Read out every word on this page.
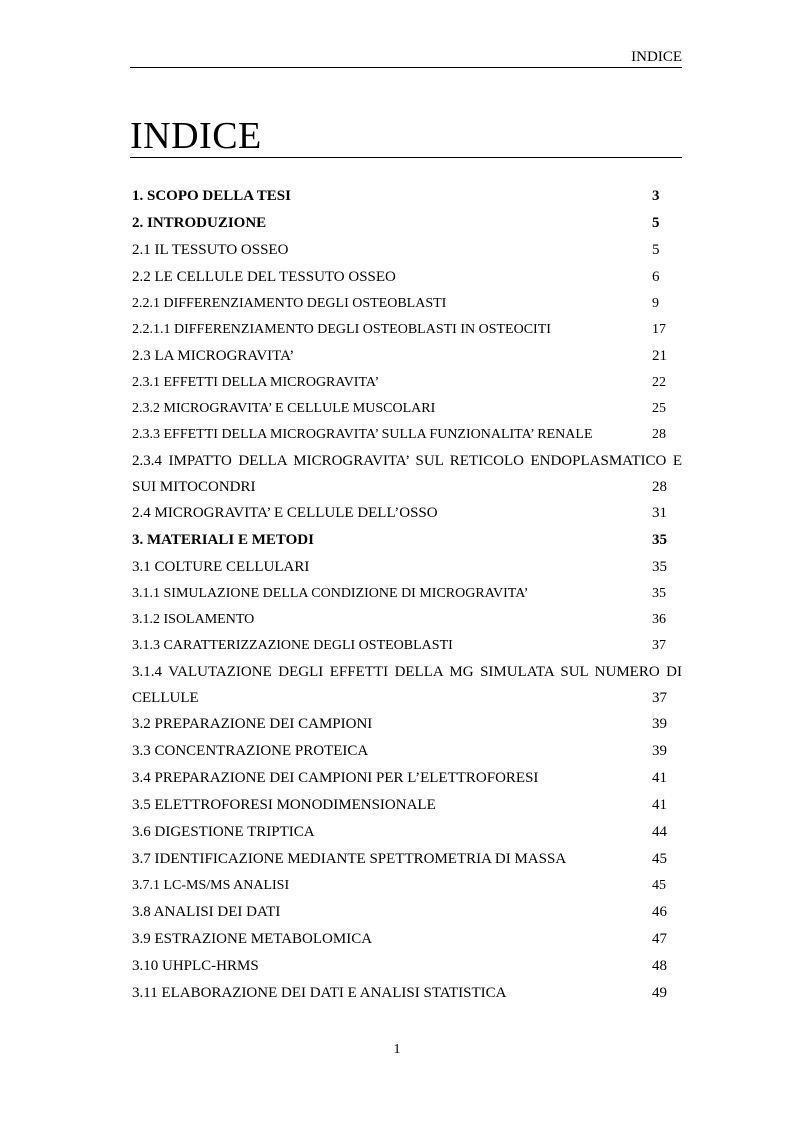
INDICE
INDICE
1. SCOPO DELLA TESI	3
2. INTRODUZIONE	5
2.1 IL TESSUTO OSSEO	5
2.2 LE CELLULE DEL TESSUTO OSSEO	6
2.2.1 DIFFERENZIAMENTO DEGLI OSTEOBLASTI	9
2.2.1.1 DIFFERENZIAMENTO DEGLI OSTEOBLASTI IN OSTEOCITI	17
2.3 LA MICROGRAVITA’	21
2.3.1 EFFETTI DELLA MICROGRAVITA’	22
2.3.2 MICROGRAVITA’ E CELLULE MUSCOLARI	25
2.3.3 EFFETTI DELLA MICROGRAVITA’ SULLA FUNZIONALITA’ RENALE	28
2.3.4 IMPATTO DELLA MICROGRAVITA’ SUL RETICOLO ENDOPLASMATICO E
SUI MITOCONDRI	28
2.4 MICROGRAVITA’ E CELLULE DELL’OSSO	31
3. MATERIALI E METODI	35
3.1 COLTURE CELLULARI	35
3.1.1 SIMULAZIONE DELLA CONDIZIONE DI MICROGRAVITA’	35
3.1.2 ISOLAMENTO	36
3.1.3 CARATTERIZZAZIONE DEGLI OSTEOBLASTI	37
3.1.4 VALUTAZIONE DEGLI EFFETTI DELLA MG SIMULATA SUL NUMERO DI
CELLULE	37
3.2 PREPARAZIONE DEI CAMPIONI	39
3.3 CONCENTRAZIONE PROTEICA	39
3.4 PREPARAZIONE DEI CAMPIONI PER L’ELETTROFORESI	41
3.5 ELETTROFORESI MONODIMENSIONALE	41
3.6 DIGESTIONE TRIPTICA	44
3.7 IDENTIFICAZIONE MEDIANTE SPETTROMETRIA DI MASSA	45
3.7.1 LC-MS/MS ANALISI	45
3.8 ANALISI DEI DATI	46
3.9 ESTRAZIONE METABOLOMICA	47
3.10 UHPLC-HRMS	48
3.11 ELABORAZIONE DEI DATI E ANALISI STATISTICA	49
1
